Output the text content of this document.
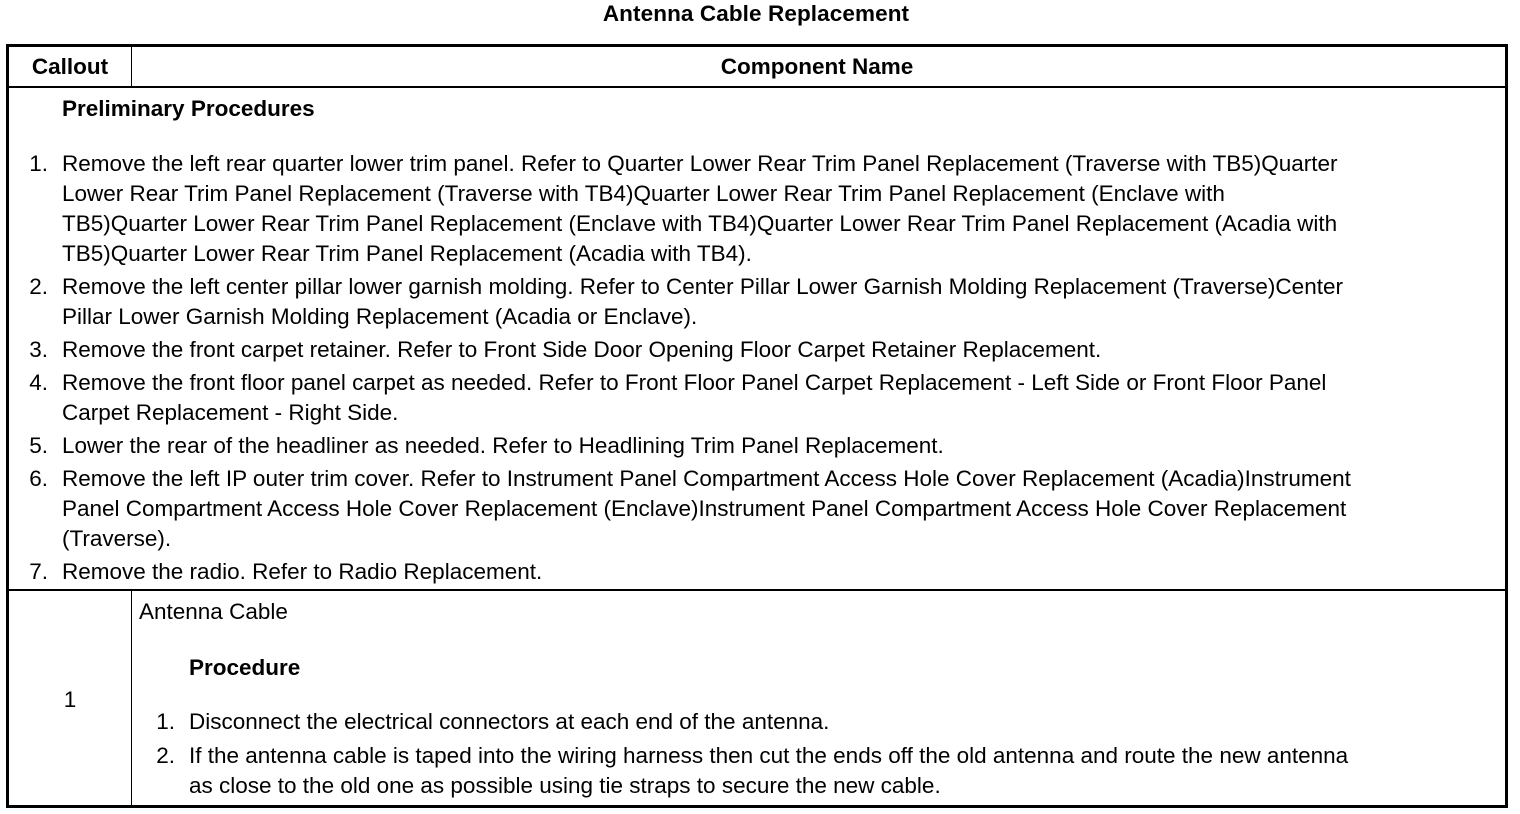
Antenna Cable Replacement
Callout	Component Name
Preliminary Procedures
1. Remove the left rear quarter lower trim panel. Refer to Quarter Lower Rear Trim Panel Replacement (Traverse with TB5)Quarter
Lower Rear Trim Panel Replacement (Traverse with TB4)Quarter Lower Rear Trim Panel Replacement (Enclave with
TB5)Quarter Lower Rear Trim Panel Replacement (Enclave with TB4)Quarter Lower Rear Trim Panel Replacement (Acadia with
TB5)Quarter Lower Rear Trim Panel Replacement (Acadia with TB4).
2. Remove the left center pillar lower garnish molding. Refer to Center Pillar Lower Garnish Molding Replacement (Traverse)Center
Pillar Lower Garnish Molding Replacement (Acadia or Enclave).
3. Remove the front carpet retainer. Refer to Front Side Door Opening Floor Carpet Retainer Replacement.
4. Remove the front floor panel carpet as needed. Refer to Front Floor Panel Carpet Replacement - Left Side or Front Floor Panel
Carpet Replacement - Right Side.
5. Lower the rear of the headliner as needed. Refer to Headlining Trim Panel Replacement.
6. Remove the left IP outer trim cover. Refer to Instrument Panel Compartment Access Hole Cover Replacement (Acadia)Instrument
Panel Compartment Access Hole Cover Replacement (Enclave)Instrument Panel Compartment Access Hole Cover Replacement
(Traverse).
7. Remove the radio. Refer to Radio Replacement.
1
Antenna Cable
Procedure
1. Disconnect the electrical connectors at each end of the antenna.
2. If the antenna cable is taped into the wiring harness then cut the ends off the old antenna and route the new antenna
as close to the old one as possible using tie straps to secure the new cable.
